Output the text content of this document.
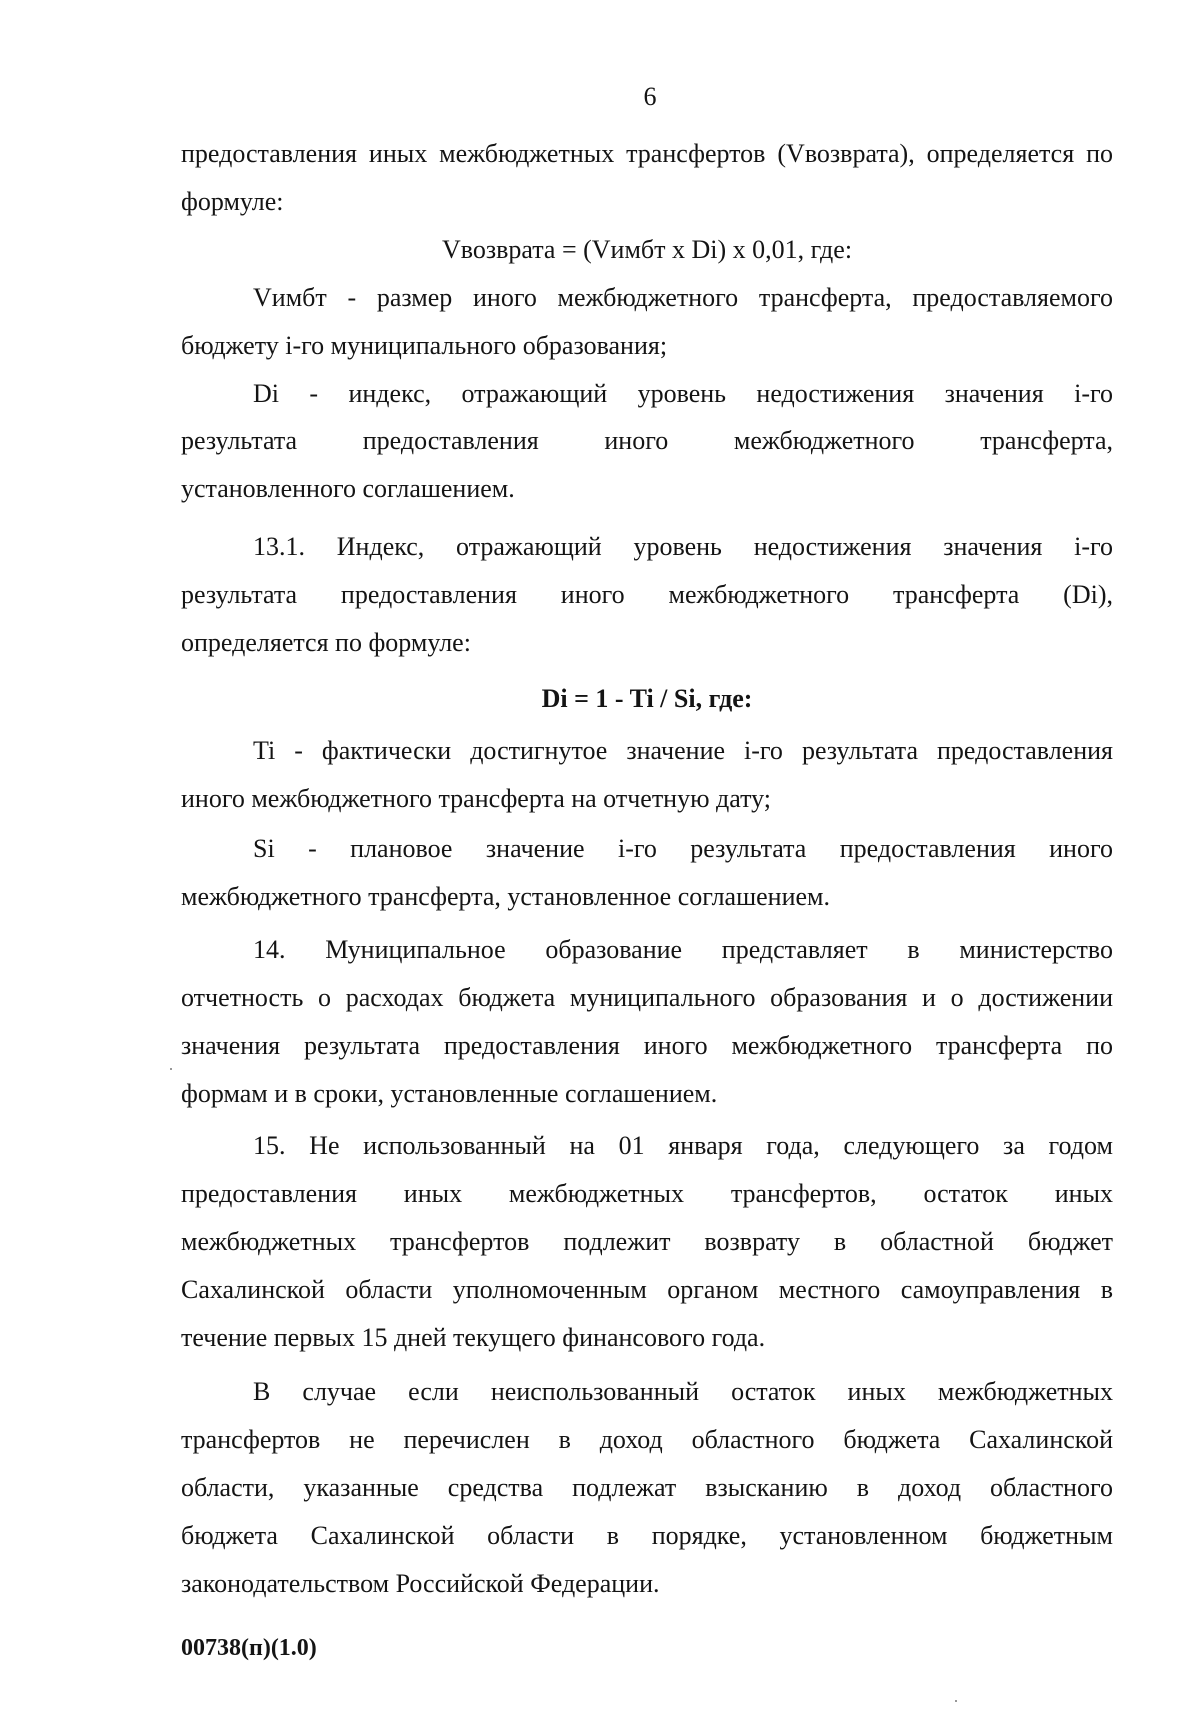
6
предоставления иных межбюджетных трансфертов (Vвозврата), определяется по
формуле:
Vвозврата = (Vимбт x Di) x 0,01, где:
Vимбт - размер иного межбюджетного трансферта, предоставляемого
бюджету i-го муниципального образования;
Di - индекс, отражающий уровень недостижения значения i-го
результата предоставления иного межбюджетного трансферта,
установленного соглашением.
13.1. Индекс, отражающий уровень недостижения значения i-го
результата предоставления иного межбюджетного трансферта (Di),
определяется по формуле:
Di = 1 - Ti / Si, где:
Ti - фактически достигнутое значение i-го результата предоставления
иного межбюджетного трансферта на отчетную дату;
Si - плановое значение i-го результата предоставления иного
межбюджетного трансферта, установленное соглашением.
14. Муниципальное образование представляет в министерство
отчетность о расходах бюджета муниципального образования и о достижении
значения результата предоставления иного межбюджетного трансферта по
формам и в сроки, установленные соглашением.
15. Не использованный на 01 января года, следующего за годом
предоставления иных межбюджетных трансфертов, остаток иных
межбюджетных трансфертов подлежит возврату в областной бюджет
Сахалинской области уполномоченным органом местного самоуправления в
течение первых 15 дней текущего финансового года.
В случае если неиспользованный остаток иных межбюджетных
трансфертов не перечислен в доход областного бюджета Сахалинской
области, указанные средства подлежат взысканию в доход областного
бюджета Сахалинской области в порядке, установленном бюджетным
законодательством Российской Федерации.
00738(п)(1.0)
